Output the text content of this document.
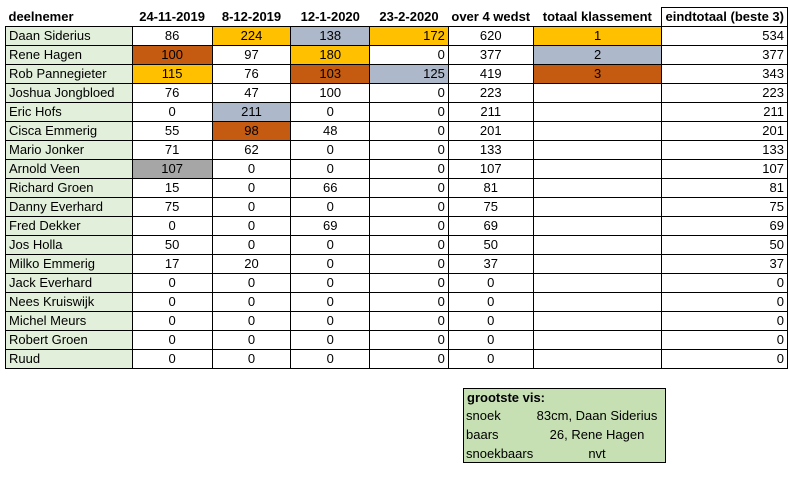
deelnemer	24-11-2019	8-12-2019	12-1-2020	23-2-2020	over 4 wedst	totaal klassement	eindtotaal (beste 3)
Daan Siderius	86	224	138	172	620	1	534
Rene Hagen	100	97	180	0	377	2	377
Rob Pannegieter	115	76	103	125	419	3	343
Joshua Jongbloed	76	47	100	0	223		223
Eric Hofs	0	211	0	0	211		211
Cisca Emmerig	55	98	48	0	201		201
Mario Jonker	71	62	0	0	133		133
Arnold Veen	107	0	0	0	107		107
Richard Groen	15	0	66	0	81		81
Danny Everhard	75	0	0	0	75		75
Fred Dekker	0	0	69	0	69		69
Jos Holla	50	0	0	0	50		50
Milko Emmerig	17	20	0	0	37		37
Jack Everhard	0	0	0	0	0		0
Nees Kruiswijk	0	0	0	0	0		0
Michel Meurs	0	0	0	0	0		0
Robert Groen	0	0	0	0	0		0
Ruud	0	0	0	0	0		0
grootste vis:
snoek	83cm, Daan Siderius
baars	26, Rene Hagen
snoekbaars	nvt
